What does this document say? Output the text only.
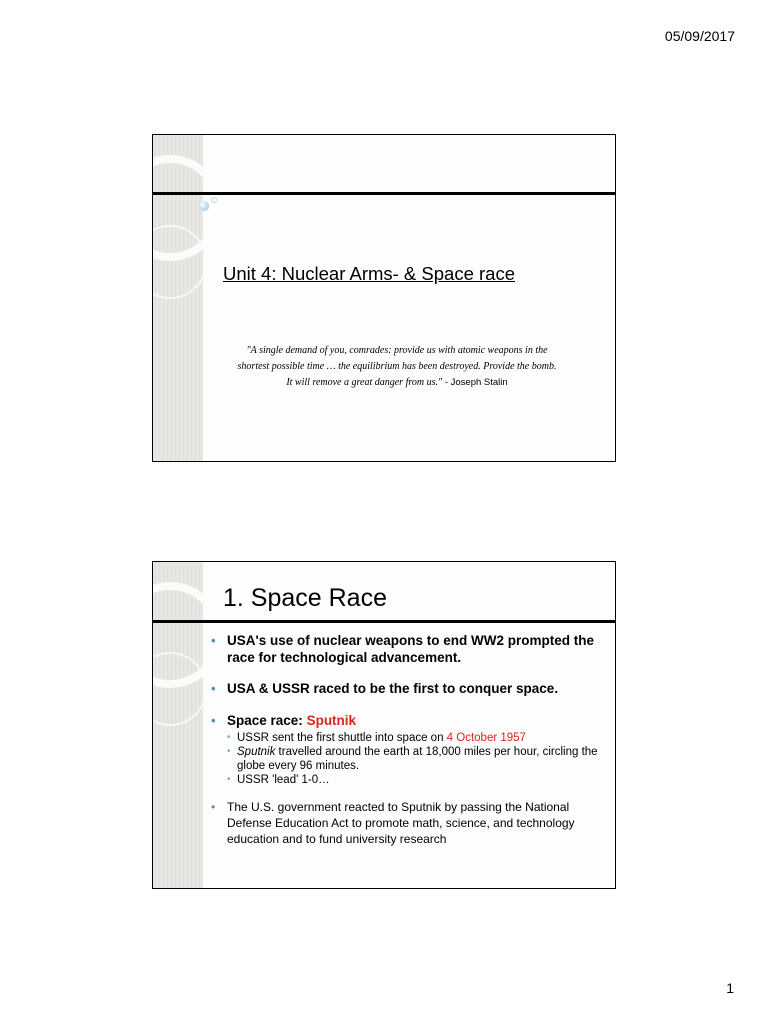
05/09/2017
Unit 4: Nuclear Arms- & Space race
"A single demand of you, comrades: provide us with atomic weapons in the
shortest possible time … the equilibrium has been destroyed. Provide the bomb.
It will remove a great danger from us." - Joseph Stalin
1. Space Race
• USA's use of nuclear weapons to end WW2 prompted the race for technological advancement.
• USA & USSR raced to be the first to conquer space.
• Space race: Sputnik
• USSR sent the first shuttle into space on 4 October 1957
• Sputnik travelled around the earth at 18,000 miles per hour, circling the globe every 96 minutes.
• USSR 'lead' 1-0…
• The U.S. government reacted to Sputnik by passing the National Defense Education Act to promote math, science, and technology education and to fund university research
1
